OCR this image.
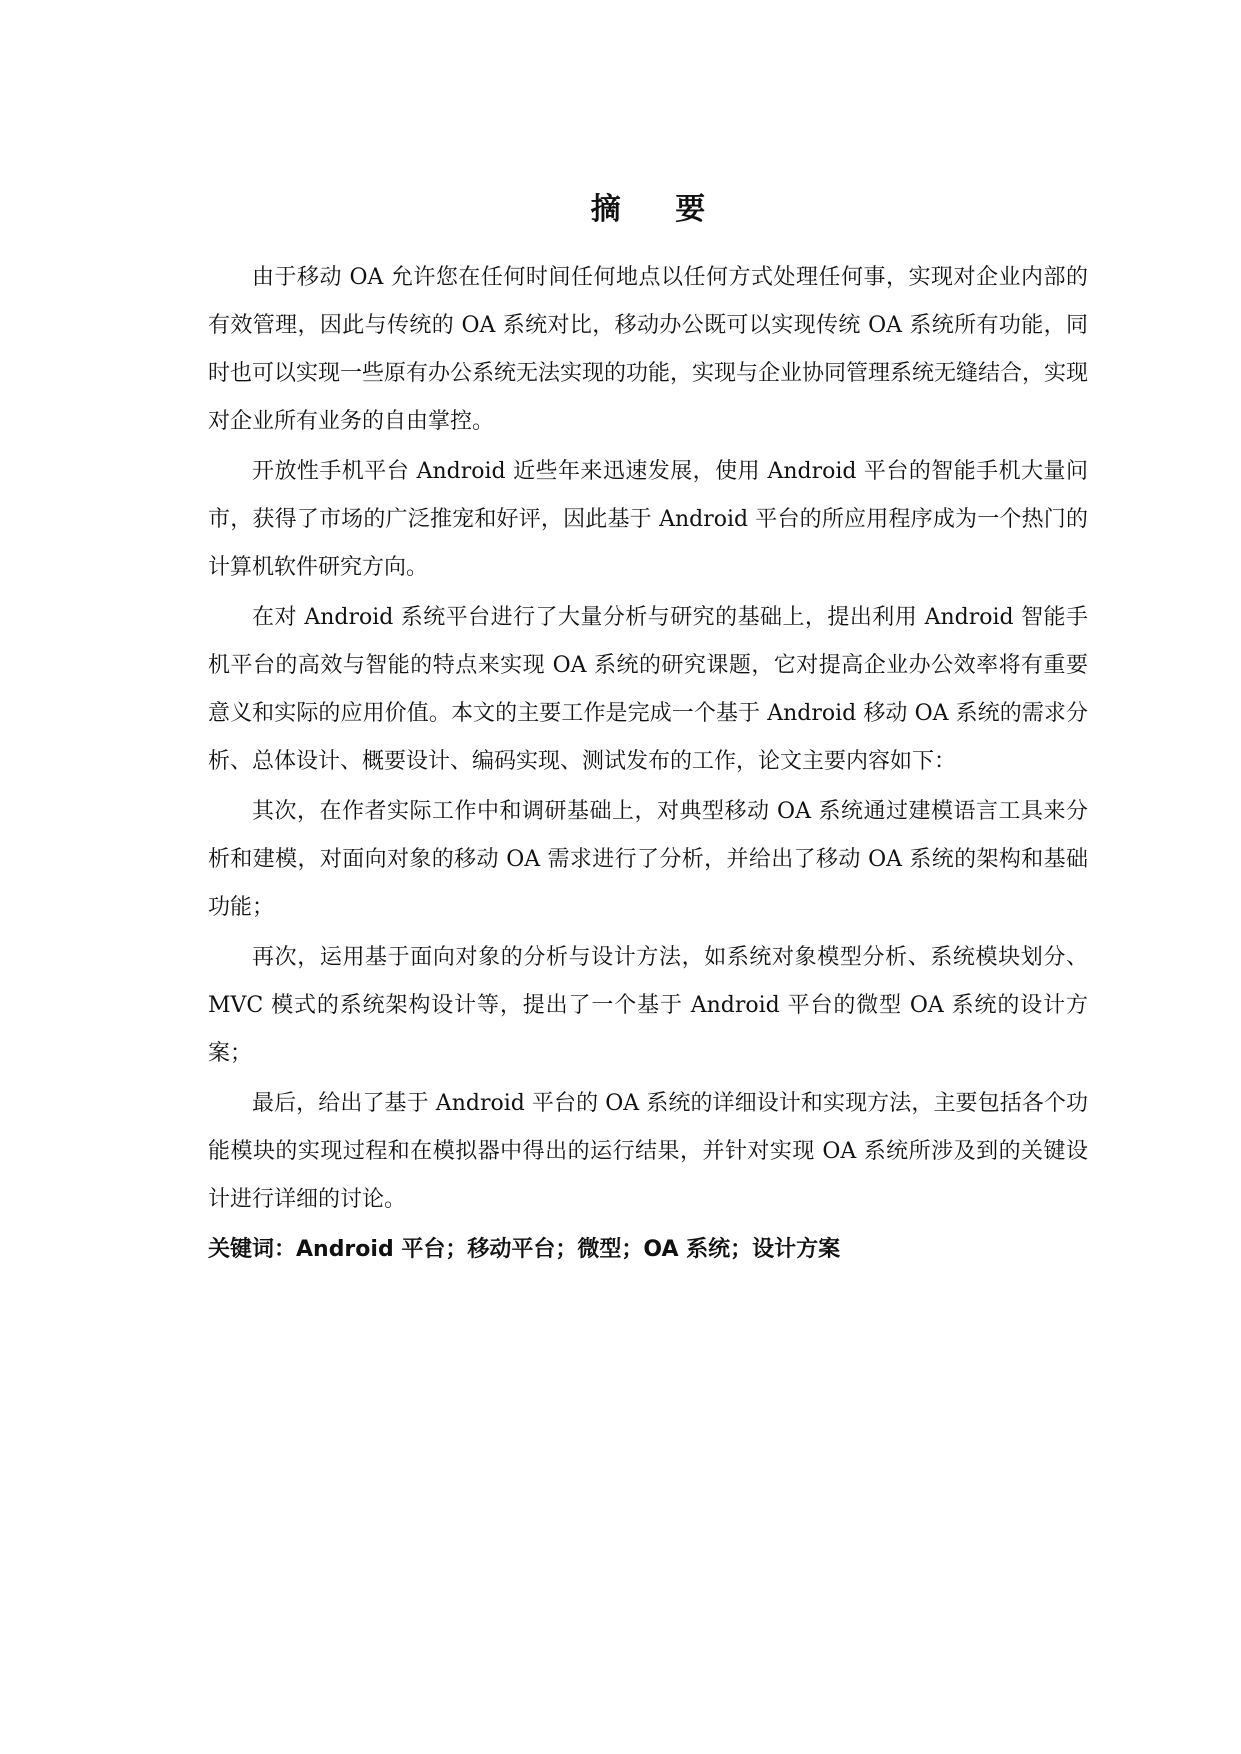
摘 要

由于移动 OA 允许您在任何时间任何地点以任何方式处理任何事，实现对企业内部的有效管理，因此与传统的 OA 系统对比，移动办公既可以实现传统 OA 系统所有功能，同时也可以实现一些原有办公系统无法实现的功能，实现与企业协同管理系统无缝结合，实现对企业所有业务的自由掌控。

开放性手机平台 Android 近些年来迅速发展，使用 Android 平台的智能手机大量问市，获得了市场的广泛推宠和好评，因此基于 Android 平台的所应用程序成为一个热门的计算机软件研究方向。

在对 Android 系统平台进行了大量分析与研究的基础上，提出利用 Android 智能手机平台的高效与智能的特点来实现 OA 系统的研究课题，它对提高企业办公效率将有重要意义和实际的应用价值。本文的主要工作是完成一个基于 Android 移动 OA 系统的需求分析、总体设计、概要设计、编码实现、测试发布的工作，论文主要内容如下：

其次，在作者实际工作中和调研基础上，对典型移动 OA 系统通过建模语言工具来分析和建模，对面向对象的移动 OA 需求进行了分析，并给出了移动 OA 系统的架构和基础功能；

再次，运用基于面向对象的分析与设计方法，如系统对象模型分析、系统模块划分、MVC 模式的系统架构设计等，提出了一个基于 Android 平台的微型 OA 系统的设计方案；

最后，给出了基于 Android 平台的 OA 系统的详细设计和实现方法，主要包括各个功能模块的实现过程和在模拟器中得出的运行结果，并针对实现 OA 系统所涉及到的关键设计进行详细的讨论。

关键词：Android 平台；移动平台；微型；OA 系统；设计方案
